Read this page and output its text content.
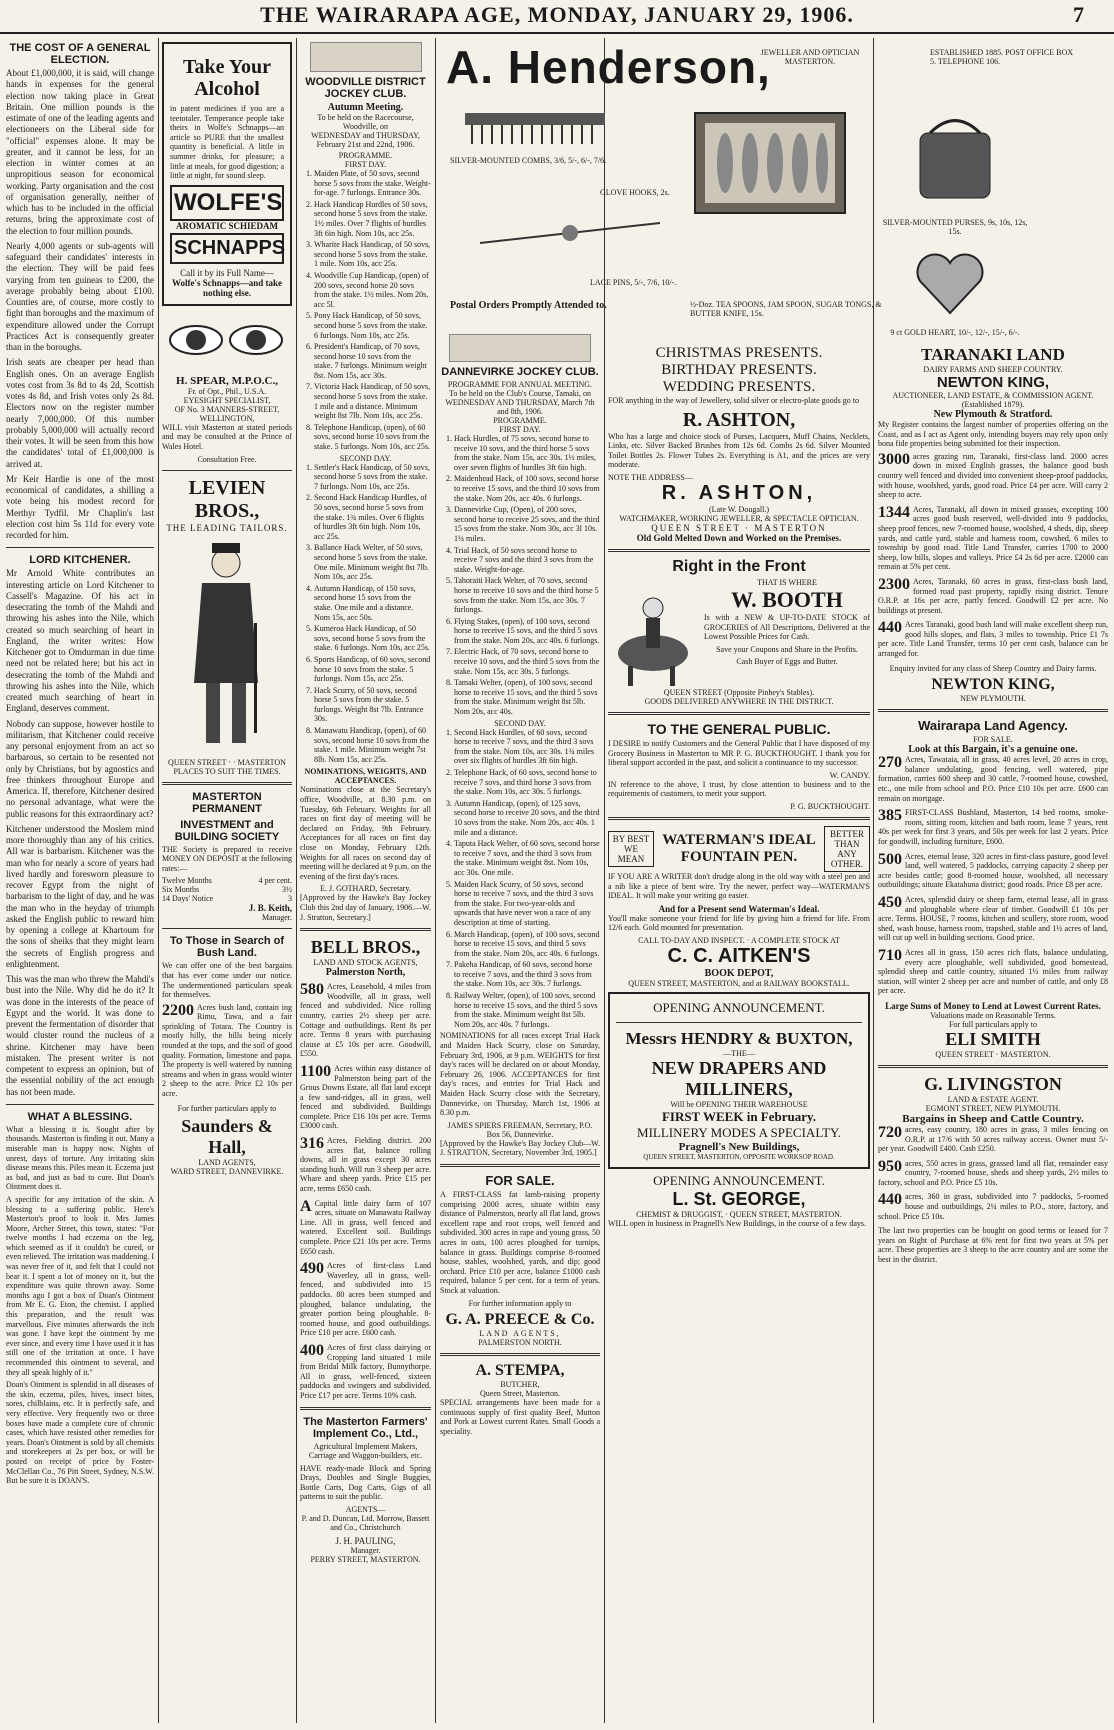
THE WAIRARAPA AGE, MONDAY, JANUARY 29, 1906.	7
THE COST OF A GENERAL ELECTION.

About £1,000,000, it is said, will change hands in expenses for the general election now taking place in Great Britain. One million pounds is the estimate of one of the leading agents and electioneers on the Liberal side for "official" expenses alone. It may be greater, and it cannot be less, for an election in winter comes at an unpropitious season for economical working. Party organisation and the cost of organisation generally, neither of which has to be included in the official returns, bring the approximate cost of the election to four million pounds.

Nearly 4,000 agents or sub-agents will safeguard their candidates' interests in the election. They will be paid fees varying from ten guineas to £200, the average probably being about £100. Counties are, of course, more costly to fight than boroughs and the maximum of expenditure allowed under the Corrupt Practices Act is consequently greater than in the boroughs.

Irish seats are cheaper per head than English ones. On an average English votes cost from 3s 8d to 4s 2d, Scottish votes 4s 8d, and Irish votes only 2s 8d. Electors now on the register number nearly 7,000,000. Of this number probably 5,000,000 will actually record their votes. It will be seen from this how the candidates' total of £1,000,000 is arrived at.

Mr Keir Hardie is one of the most economical of candidates, a shilling a vote being his modest record for Merthyr Tydfil. Mr Chaplin's last election cost him 5s 11d for every vote recorded for him.

LORD KITCHENER.

Mr Arnold White contributes an interesting article on Lord Kitchener to Cassell's Magazine. Of his act in desecrating the tomb of the Mahdi and throwing his ashes into the Nile, which created so much searching of heart in England, the writer writes: How Kitchener got to Omdurman in due time need not be related here; but his act in desecrating the tomb of the Mahdi and throwing his ashes into the Nile, which created much searching of heart in England, deserves comment.

Nobody can suppose, however hostile to militarism, that Kitchener could receive any personal enjoyment from an act so barbarous, so certain to be resented not only by Christians, but by agnostics and free thinkers throughout Europe and America. If, therefore, Kitchener desired no personal advantage, what were the public reasons for this extraordinary act?

Kitchener understood the Moslem mind more thoroughly than any of his critics. All war is barbarism. Kitchener was the man who for nearly a score of years had lived hardly and foresworn pleasure to recover Egypt from the night of barbarism to the light of day, and he was the man who in the heyday of triumph asked the English public to reward him by opening a college at Khartoum for the sons of sheiks that they might learn the secrets of English progress and enlightenment.

This was the man who threw the Mahdi's bust into the Nile. Why did he do it? It was done in the interests of the peace of Egypt and the world. It was done to prevent the fermentation of disorder that would cluster round the nucleus of a shrine. Kitchener may have been mistaken. The present writer is not competent to express an opinion, but of the essential nobility of the act enough has not been made.

WHAT A BLESSING.

What a blessing it is. Sought after by thousands. Masterton is finding it out. Many a miserable man is happy now. Nights of unrest, days of torture. Any irritating skin disease means this. Piles mean it. Eczema just as bad, and just as bad to cure. But Doan's Ointment does it.

A specific for any irritation of the skin. A blessing to a suffering public. Here's Masterton's proof to look it. Mrs James Moore, Archer Street, this town, states: "For twelve months I had eczema on the leg, which seemed as if it couldn't be cured, or even relieved. The irritation was maddening. I was never free of it, and felt that I could not bear it. I spent a lot of money on it, but the expenditure was quite thrown away. Some months ago I got a box of Doan's Ointment from Mr E. G. Eton, the chemist. I applied this preparation, and the result was marvellous. Five minutes afterwards the itch was gone. I have kept the ointment by me ever since, and every time I have used it it has still one of the irritation at once. I have recommended this ointment to several, and they all speak highly of it."

Doan's Ointment is splendid in all diseases of the skin, eczema, piles, hives, insect bites, sores, chilblains, etc. It is perfectly safe, and very effective. Very frequently two or three boxes have made a complete cure of chronic cases, which have resisted other remedies for years. Doan's Ointment is sold by all chemists and storekeepers at 2s per box, or will be posted on receipt of price by Foster-McClellan Co., 76 Pitt Street, Sydney, N.S.W. But be sure it is DOAN'S.

Take Your Alcohol

in patent medicines if you are a teetotaler. Temperance people take theirs in Wolfe's Schnapps—an article so PURE that the smallest quantity is beneficial. A little in summer drinks, for pleasure; a little at meals, for good digestion; a little at night, for sound sleep.

WOLFE'S
AROMATIC SCHIEDAM
SCHNAPPS
Call it by its Full Name—
Wolfe's Schnapps—and take nothing else.
H. SPEAR, M.P.O.C.,
Fr. of Opt., Phil., U.S.A.
EYESIGHT SPECIALIST,
OF No. 3 MANNERS-STREET, WELLINGTON,

WILL visit Masterton at stated periods and may be consulted at the Prince of Wales Hotel.

Consultation Free.
LEVIEN BROS.,
THE LEADING TAILORS.
QUEEN STREET · · MASTERTON
PLACES TO SUIT THE TIMES.
MASTERTON PERMANENT
INVESTMENT and BUILDING SOCIETY

THE Society is prepared to receive MONEY ON DEPOSIT at the following rates:—

Twelve Months	4 per cent.
Six Months	3½
14 Days' Notice	3
J. B. Keith,
Manager.
To Those in Search of Bush Land.

We can offer one of the best bargains that has ever come under our notice. The undermentioned particulars speak for themselves.

2200 Acres bush land, contain ing Rimu, Tawa, and a fair sprinkling of Totara. The Country is mostly hilly, the hills being nicely rounded at the tops, and the soil of good quality. Formation, limestone and papa. The property is well watered by running streams and when in grass would winter 2 sheep to the acre. Price £2 10s per acre.

For further particulars apply to

Saunders & Hall,
LAND AGENTS,
WARD STREET, DANNEVIRKE.
WOODVILLE DISTRICT JOCKEY CLUB.
Autumn Meeting.
To be held on the Racecourse, Woodville, on
WEDNESDAY and THURSDAY, February 21st and 22nd, 1906.
PROGRAMME.
FIRST DAY.
1. Maiden Plate, of 50 sovs, second horse 5 sovs from the stake. Weight-for-age. 7 furlongs. Entrance 30s.
2. Hack Handicap Hurdles of 50 sovs, second horse 5 sovs from the stake. 1½ miles. Over 7 flights of hurdles 3ft 6in high. Nom 10s, acc 25s.
3. Wharite Hack Handicap, of 50 sovs, second horse 5 sovs from the stake. 1 mile. Nom 10s, acc 25s.
4. Woodville Cup Handicap, (open) of 200 sovs, second horse 20 sovs from the stake. 1½ miles. Nom 20s, acc 5l.
5. Pony Hack Handicap, of 50 sovs, second horse 5 sovs from the stake. 6 furlongs. Nom 10s, acc 25s.
6. President's Handicap, of 70 sovs, second horse 10 sovs from the stake. 7 furlongs. Minimum weight 8st. Nom 15s, acc 30s.
7. Victoria Hack Handicap, of 50 sovs, second horse 5 sovs from the stake. 1 mile and a distance. Minimum weight 8st 7lb. Nom 10s, acc 25s.
8. Telephone Handicap, (open), of 60 sovs, second horse 10 sovs from the stake. 5 furlongs. Nom 10s, acc 25s.
SECOND DAY.
1. Settler's Hack Handicap, of 50 sovs, second horse 5 sovs from the stake. 7 furlongs. Nom 10s, acc 25s.
2. Second Hack Handicap Hurdles, of 50 sovs, second horse 5 sovs from the stake. 1¾ miles. Over 6 flights of hurdles 3ft 6in high. Nom 10s, acc 25s.
3. Ballance Hack Welter, of 50 sovs, second horse 5 sovs from the stake. One mile. Minimum weight 8st 7lb. Nom 10s, acc 25s.
4. Autumn Handicap, of 150 sovs, second horse 15 sovs from the stake. One mile and a distance. Nom 15s, acc 50s.
5. Kumeroa Hack Handicap, of 50 sovs, second horse 5 sovs from the stake. 6 furlongs. Nom 10s, acc 25s.
6. Sports Handicap, of 60 sovs, second horse 10 sovs from the stake. 5 furlongs. Nom 15s, acc 25s.
7. Hack Scurry, of 50 sovs, second horse 5 sovs from the stake. 5 furlongs. Weight 8st 7lb. Entrance 30s.
8. Manawatu Handicap, (open), of 60 sovs, second horse 10 sovs from the stake. 1 mile. Minimum weight 7st 8lb. Nom 15s, acc 25s.
NOMINATIONS, WEIGHTS, AND ACCEPTANCES.

Nominations close at the Secretary's office, Woodville, at 8.30 p.m. on Tuesday, 6th February. Weights for all races on first day of meeting will be declared on Friday, 9th February. Acceptances for all races on first day close on Monday, February 12th. Weights for all races on second day of meeting will be declared at 9 p.m. on the evening of the first day's races.

E. J. GOTHARD, Secretary.

[Approved by the Hawke's Bay Jockey Club this 2nd day of January, 1906.—W. J. Stratton, Secretary.]

BELL BROS.,
LAND AND STOCK AGENTS,
Palmerston North,

580 Acres, Leasehold, 4 miles from Woodville, all in grass, well fenced and subdivided. Nice rolling country, carries 2½ sheep per acre. Cottage and outbuildings. Rent 8s per acre. Terms 8 years with purchasing clause at £5 10s per acre. Goodwill, £550.

1100 Acres within easy distance of Palmerston being part of the Grous Downs Estate, all flat land except a few sand-ridges, all in grass, well fenced and subdivided. Buildings complete. Price £16 10s per acre. Terms £3000 cash.

316 Acres, Fielding district. 200 acres flat, balance rolling downs, all in grass except 30 acres standing bush. Will run 3 sheep per acre. Whare and sheep yards. Price £15 per acre, terms £650 cash.

A Capital little dairy farm of 107 acres, situate on Manawatu Railway Line. All in grass, well fenced and watered. Excellent soil. Buildings complete. Price £21 10s per acre. Terms £650 cash.

490 Acres of first-class Land Waverley, all in grass, well-fenced, and subdivided into 15 paddocks. 80 acres been stumped and ploughed, balance undulating, the greater portion being ploughable. 8-roomed house, and good outbuildings. Price £10 per acre. £600 cash.

400 Acres of first class dairying or Cropping land situated 1 mile from Bridal Milk factory, Bunnythorpe. All in grass, well-fenced, sixteen paddocks and swingers and subdivided. Price £17 per acre. Terms 10% cash.

The Masterton Farmers' Implement Co., Ltd.,

Agricultural Implement Makers, Carriage and Waggon-builders, etc.

HAVE ready-made Block and Spring Drays, Doubles and Single Buggies, Bottle Carts, Dog Carts, Gigs of all patterns to suit the public.

AGENTS—
P. and D. Duncan, Ltd. Morrow, Bassett and Co., Christchurch
J. H. PAULING,
Manager.
PERRY STREET, MASTERTON.
A. Henderson,
JEWELLER AND OPTICIAN MASTERTON.
ESTABLISHED 1885. POST OFFICE BOX 5. TELEPHONE 106.
SILVER-MOUNTED COMBS, 3/6, 5/-, 6/-, 7/6.
GLOVE HOOKS, 2s.
LACE PINS, 5/-, 7/6, 10/-.
Postal Orders Promptly Attended to.	½-Doz. TEA SPOONS, JAM SPOON, SUGAR TONGS, & BUTTER KNIFE, 15s.
SILVER-MOUNTED PURSES, 9s, 10s, 12s, 15s.
9 ct GOLD HEART, 10/-, 12/-, 15/-, 6/-.
DANNEVIRKE JOCKEY CLUB.
PROGRAMME FOR ANNUAL MEETING.
To be held on the Club's Course, Tamaki, on WEDNESDAY AND THURSDAY, March 7th and 8th, 1906.
PROGRAMME.
FIRST DAY.
1. Hack Hurdles, of 75 sovs, second horse to receive 10 sovs, and the third horse 5 sovs from the stake. Nom 15s, acc 30s. 1½ miles, over seven flights of hurdles 3ft 6in high.
2. Maidenhead Hack, of 100 sovs, second horse to receive 15 sovs, and the third 10 sovs from the stake. Nom 20s, acc 40s. 6 furlongs.
3. Dannevirke Cup, (Open), of 200 sovs, second horse to receive 25 sovs, and the third 15 sovs from the stake. Nom 30s, acc 3l 10s. 1¼ miles.
4. Trial Hack, of 50 sovs second horse to receive 7 sovs and the third 3 sovs from the stake. Weight-for-age.
5. Tahoraiti Hack Welter, of 70 sovs, second horse to receive 10 sovs and the third horse 5 sovs from the stake. Nom 15s, acc 30s. 7 furlongs.
6. Flying Stakes, (open), of 100 sovs, second horse to receive 15 sovs, and the third 5 sovs from the stake. Nom 20s, acc 40s. 6 furlongs.
7. Electric Hack, of 70 sovs, second horse to receive 10 sovs, and the third 5 sovs from the stake. Nom 15s, acc 30s. 5 furlongs.
8. Tamaki Welter, (open), of 100 sovs, second horse to receive 15 sovs, and the third 5 sovs from the stake. Minimum weight 8st 5lb. Nom 20s, acc 40s.
SECOND DAY.
1. Second Hack Hurdles, of 60 sovs, second horse to receive 7 sovs, and the third 3 sovs from the stake. Nom 10s, acc 30s. 1¾ miles over six flights of hurdles 3ft 6in high.
2. Telephone Hack, of 60 sovs, second horse to receive 7 sovs, and third horse 3 sovs from the stake. Nom 10s, acc 30s. 5 furlongs.
3. Autumn Handicap, (open), of 125 sovs, second horse to receive 20 sovs, and the third 10 sovs from the stake. Nom 20s, acc 40s. 1 mile and a distance.
4. Taputa Hack Welter, of 60 sovs, second horse to receive 7 sovs, and the third 3 sovs from the stake. Minimum weight 8st. Nom 10s, acc 30s. One mile.
5. Maiden Hack Scurry, of 50 sovs, second horse to receive 7 sovs, and the third 3 sovs from the stake. For two-year-olds and upwards that have never won a race of any description at time of starting.
6. March Handicap, (open), of 100 sovs, second horse to receive 15 sovs, and third 5 sovs from the stake. Nom 20s, acc 40s. 6 furlongs.
7. Pakeha Handicap, of 60 sovs, second horse to receive 7 sovs, and the third 3 sovs from the stake. Nom 10s, acc 30s. 7 furlongs.
8. Railway Welter, (open), of 100 sovs, second horse to receive 15 sovs, and the third 5 sovs from the stake. Minimum weight 8st 5lb. Nom 20s, acc 40s. 7 furlongs.

NOMINATIONS for all races except Trial Hack and Maiden Hack Scurry, close on Saturday, February 3rd, 1906, at 9 p.m. WEIGHTS for first day's races will be declared on or about Monday, February 26, 1906. ACCEPTANCES for first day's races, and entries for Trial Hack and Maiden Hack Scurry close with the Secretary, Dannevirke, on Thursday, March 1st, 1906 at 8.30 p.m.

JAMES SPIERS FREEMAN, Secretary, P.O. Box 56, Dannevirke.

[Approved by the Hawke's Bay Jockey Club—W. J. STRATTON, Secretary, November 3rd, 1905.]

FOR SALE.

A FIRST-CLASS fat lamb-raising property comprising 2000 acres, situate within easy distance of Palmerston, nearly all flat land, grows excellent rape and root crops, well fenced and subdivided. 300 acres in rape and young grass, 50 acres in oats, 100 acres ploughed for turnips, balance in grass. Buildings comprise 8-roomed house, stables, woolshed, yards, and dip; good orchard. Price £10 per acre, balance £1000 cash required, balance 5 per cent. for a term of years. Stock at valuation.

For further information apply to

G. A. PREECE & Co.
LAND AGENTS,
PALMERSTON NORTH.
A. STEMPA,
BUTCHER,
Queen Street, Masterton.

SPECIAL arrangements have been made for a continuous supply of first quality Beef, Mutton and Pork at Lowest current Rates. Small Goods a speciality.

CHRISTMAS PRESENTS.
BIRTHDAY PRESENTS.
WEDDING PRESENTS.

FOR anything in the way of Jewellery, solid silver or electro-plate goods go to

R. ASHTON,

Who has a large and choice stock of Purses, Lacquers, Muff Chains, Necklets, Links, etc. Silver Backed Brushes from 12s 6d. Combs 2s 6d. Silver Mounted Toilet Bottles 2s. Flower Tubes 2s. Everything is A1, and the prices are very moderate.

NOTE THE ADDRESS—
R. ASHTON,
(Late W. Dougall.)
WATCHMAKER, WORKING JEWELLER, & SPECTACLE OPTICIAN.
QUEEN STREET · MASTERTON
Old Gold Melted Down and Worked on the Premises.
Right in the Front
THAT IS WHERE
W. BOOTH

Is with a NEW & UP-TO-DATE STOCK of GROCERIES of All Descriptions, Delivered at the Lowest Possible Prices for Cash.

Save your Coupons and Share in the Profits.

Cash Buyer of Eggs and Butter.

QUEEN STREET (Opposite Pinhey's Stables).
GOODS DELIVERED ANYWHERE IN THE DISTRICT.
TO THE GENERAL PUBLIC.

I DESIRE to notify Customers and the General Public that I have disposed of my Grocery Business in Masterton to MR P. G. BUCKTHOUGHT. I thank you for liberal support accorded in the past, and solicit a continuance to my successor.

W. CANDY.

IN reference to the above, I trust, by close attention to business and to the requirements of customers, to merit your support.

P. G. BUCKTHOUGHT.
BY BEST WE MEAN
WATERMAN'S IDEAL FOUNTAIN PEN.
BETTER THAN ANY OTHER.

IF YOU ARE A WRITER don't drudge along in the old way with a steel pen and a nib like a piece of bent wire. Try the newer, perfect way—WATERMAN'S IDEAL. It will make your writing go easier.

And for a Present send Waterman's Ideal.

You'll make someone your friend for life by giving him a friend for life. From 12/6 each. Gold mounted for presentation.

CALL TO-DAY AND INSPECT. · A COMPLETE STOCK AT
C. C. AITKEN'S
BOOK DEPOT,
QUEEN STREET, MASTERTON, and at RAILWAY BOOKSTALL.
OPENING ANNOUNCEMENT.
Messrs HENDRY & BUXTON,
—THE—
NEW DRAPERS AND MILLINERS,
Will be OPENING THEIR WAREHOUSE
FIRST WEEK in February.
MILLINERY MODES A SPECIALTY.
Pragnell's New Buildings,
QUEEN STREET, MASTERTON, OPPOSITE WORKSOP ROAD.
OPENING ANNOUNCEMENT.
L. St. GEORGE,
CHEMIST & DRUGGIST, · QUEEN STREET, MASTERTON.

WILL open in business in Pragnell's New Buildings, in the course of a few days.

TARANAKI LAND
DAIRY FARMS AND SHEEP COUNTRY.
NEWTON KING,
AUCTIONEER, LAND ESTATE, & COMMISSION AGENT. (Established 1879).
New Plymouth & Stratford.

My Register contains the largest number of properties offering on the Coast, and as I act as Agent only, intending buyers may rely upon only bona fide properties being submitted for their inspection.

3000 acres grazing run, Taranaki, first-class land. 2000 acres down in mixed English grasses, the balance good bush country well fenced and divided into convenient sheep-proof paddocks, with house, woolshed, yards, good road. Price £4 per acre. Will carry 2 sheep to acre.

1344 Acres, Taranaki, all down in mixed grasses, excepting 100 acres good bush reserved, well-divided into 9 paddocks, sheep proof fences, new 7-roomed house, woolshed, 4 sheds, dip, sheep yards, and cattle yard, stable and harness room, cowshed, 6 miles to township by good road. Title Land Transfer, carries 1700 to 2000 sheep, low hills, slopes and valleys. Price £4 2s 6d per acre. £2000 can remain at 5% per cent.

2300 Acres, Taranaki, 60 acres in grass, first-class bush land, formed road past property, rapidly rising district. Tenure O.R.P. at 16s per acre, partly fenced. Goodwill £2 per acre. No buildings at present.

440 Acres Taranaki, good bush land will make excellent sheep run, good hills slopes, and flats, 3 miles to township. Price £1 7s per acre. Title Land Transfer, terms 10 per cent cash, balance can be arranged for.

Enquiry invited for any class of Sheep Country and Dairy farms.

NEWTON KING,
NEW PLYMOUTH.
Wairarapa Land Agency.
FOR SALE.
Look at this Bargain, it's a genuine one.

270 Acres, Tawataia, all in grass, 40 acres level, 20 acres in crop, balance undulating, good fencing, well watered, pipe formation, carries 600 sheep and 30 cattle, 7-roomed house, cowshed, etc., one mile from school and P.O. Price £10 10s per acre. £600 can remain on mortgage.

385 FIRST-CLASS Bushland, Masterton, 14 bed rooms, smoke-room, sitting room, kitchen and bath room, lease 7 years, rent 40s per week for first 3 years, and 50s per week for last 2 years. Price for goodwill, including furniture, £600.

500 Acres, eternal lease, 320 acres in first-class pasture, good level land, well watered, 5 paddocks, carrying capacity 2 sheep per acre besides cattle; good 8-roomed house, woolshed, all necessary outbuildings; situate Ekatahuna district; good roads. Price £8 per acre.

450 Acres, splendid dairy or sheep farm, eternal lease, all in grass and ploughable where clear of timber. Goodwill £1 10s per acre. Terms. HOUSE, 7 rooms, kitchen and scullery, store room, wood shed, wash house, harness room, trapshed, stable and 1½ acres of land, will cut up well in building sections. Good price.

710 Acres all in grass, 150 acres rich flats, balance undulating, every acre ploughable, well subdivided, good homestead, splendid sheep and cattle country, situated 1½ miles from railway station, will winter 2 sheep per acre and number of cattle, and only £8 per acre.

Large Sums of Money to Lend at Lowest Current Rates.
Valuations made on Reasonable Terms.
For full particulars apply to
ELI SMITH
QUEEN STREET · MASTERTON.
G. LIVINGSTON
LAND & ESTATE AGENT.
EGMONT STREET, NEW PLYMOUTH.
Bargains in Sheep and Cattle Country.

720 acres, easy country, 180 acres in grass, 3 miles fencing on O.R.P. at 17/6 with 50 acres railway access. Owner must 5/- per year. Goodwill £400. Cash £250.

950 acres, 550 acres in grass, grassed land all flat, remainder easy country, 7-roomed house, sheds and sheep yards, 2½ miles to factory, school and P.O. Price £5 10s.

440 acres, 360 in grass, subdivided into 7 paddocks, 5-roomed house and outbuildings, 2¼ miles to P.O., store, factory, and school. Price £5 10s.

The last two properties can be bought on good terms or leased for 7 years on Right of Purchase at 6% rent for first two years at 5% per acre. These properties are 3 sheep to the acre country and are some the best in the district.
